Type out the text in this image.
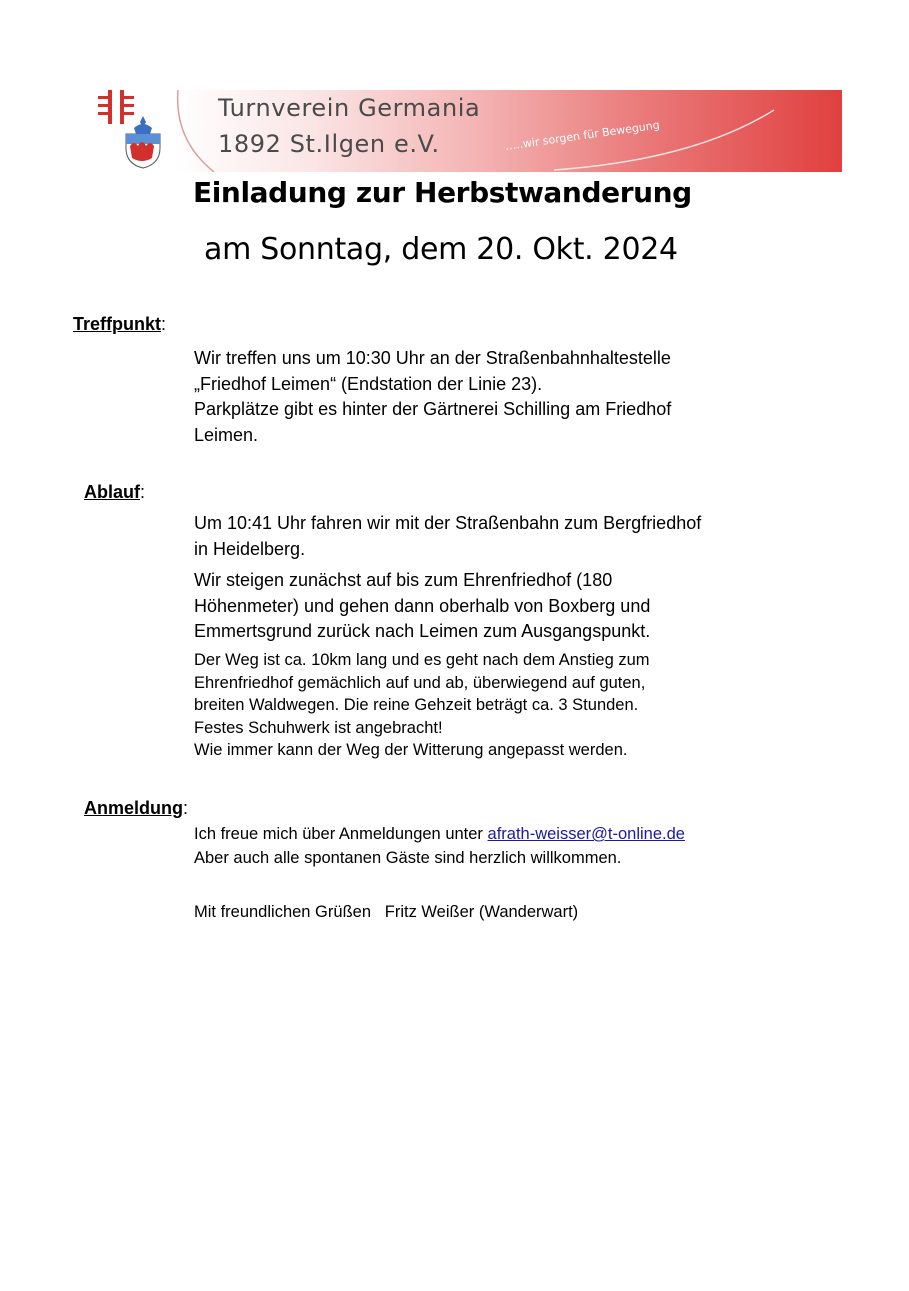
Turnverein Germania
1892 St.Ilgen e.V.	…..wir sorgen für Bewegung
Einladung zur Herbstwanderung
am Sonntag, dem 20. Okt. 2024
Treffpunkt:

Wir treffen uns um 10:30 Uhr an der Straßenbahnhaltestelle

„Friedhof Leimen“ (Endstation der Linie 23).

Parkplätze gibt es hinter der Gärtnerei Schilling am Friedhof

Leimen.

Ablauf:

Um 10:41 Uhr fahren wir mit der Straßenbahn zum Bergfriedhof

in Heidelberg.

Wir steigen zunächst auf bis zum Ehrenfriedhof (180

Höhenmeter) und gehen dann oberhalb von Boxberg und

Emmertsgrund zurück nach Leimen zum Ausgangspunkt.

Der Weg ist ca. 10km lang und es geht nach dem Anstieg zum

Ehrenfriedhof gemächlich auf und ab, überwiegend auf guten,

breiten Waldwegen. Die reine Gehzeit beträgt ca. 3 Stunden.

Festes Schuhwerk ist angebracht!

Wie immer kann der Weg der Witterung angepasst werden.

Anmeldung:

Ich freue mich über Anmeldungen unter afrath-weisser@t-online.de

Aber auch alle spontanen Gäste sind herzlich willkommen.

Mit freundlichen Grüßen   Fritz Weißer (Wanderwart)
